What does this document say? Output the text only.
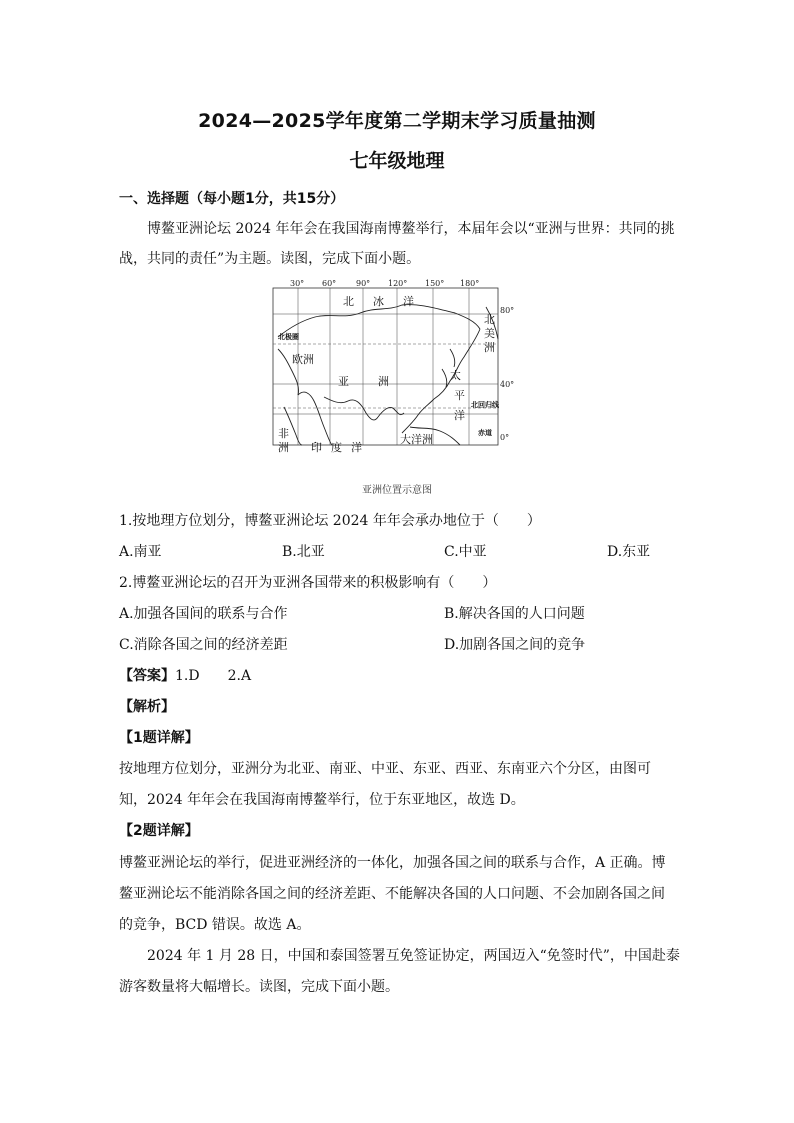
2024—2025学年度第二学期末学习质量抽测
七年级地理
一、选择题（每小题1分，共15分）
博鳌亚洲论坛 2024 年年会在我国海南博鳌举行，本届年会以“亚洲与世界：共同的挑
战，共同的责任”为主题。读图，完成下面小题。
30° 60° 90° 120° 150° 180°
80°
40°
0°
北 冰 洋
北
美
洲
欧洲
亚	洲	太
平
洋
非
洲 印 度 洋
大洋洲
北极圈
北回归线
赤道
亚洲位置示意图
1.按地理方位划分，博鳌亚洲论坛 2024 年年会承办地位于（　　）
A.南亚	B.北亚	C.中亚	D.东亚
2.博鳌亚洲论坛的召开为亚洲各国带来的积极影响有（　　）
A.加强各国间的联系与合作	B.解决各国的人口问题
C.消除各国之间的经济差距	D.加剧各国之间的竞争
【答案】1.D　　2.A
【解析】
【1题详解】
按地理方位划分，亚洲分为北亚、南亚、中亚、东亚、西亚、东南亚六个分区，由图可
知，2024 年年会在我国海南博鳌举行，位于东亚地区，故选 D。
【2题详解】
博鳌亚洲论坛的举行，促进亚洲经济的一体化，加强各国之间的联系与合作，A 正确。博
鳌亚洲论坛不能消除各国之间的经济差距、不能解决各国的人口问题、不会加剧各国之间
的竞争，BCD 错误。故选 A。
2024 年 1 月 28 日，中国和泰国签署互免签证协定，两国迈入“免签时代”，中国赴泰
游客数量将大幅增长。读图，完成下面小题。
